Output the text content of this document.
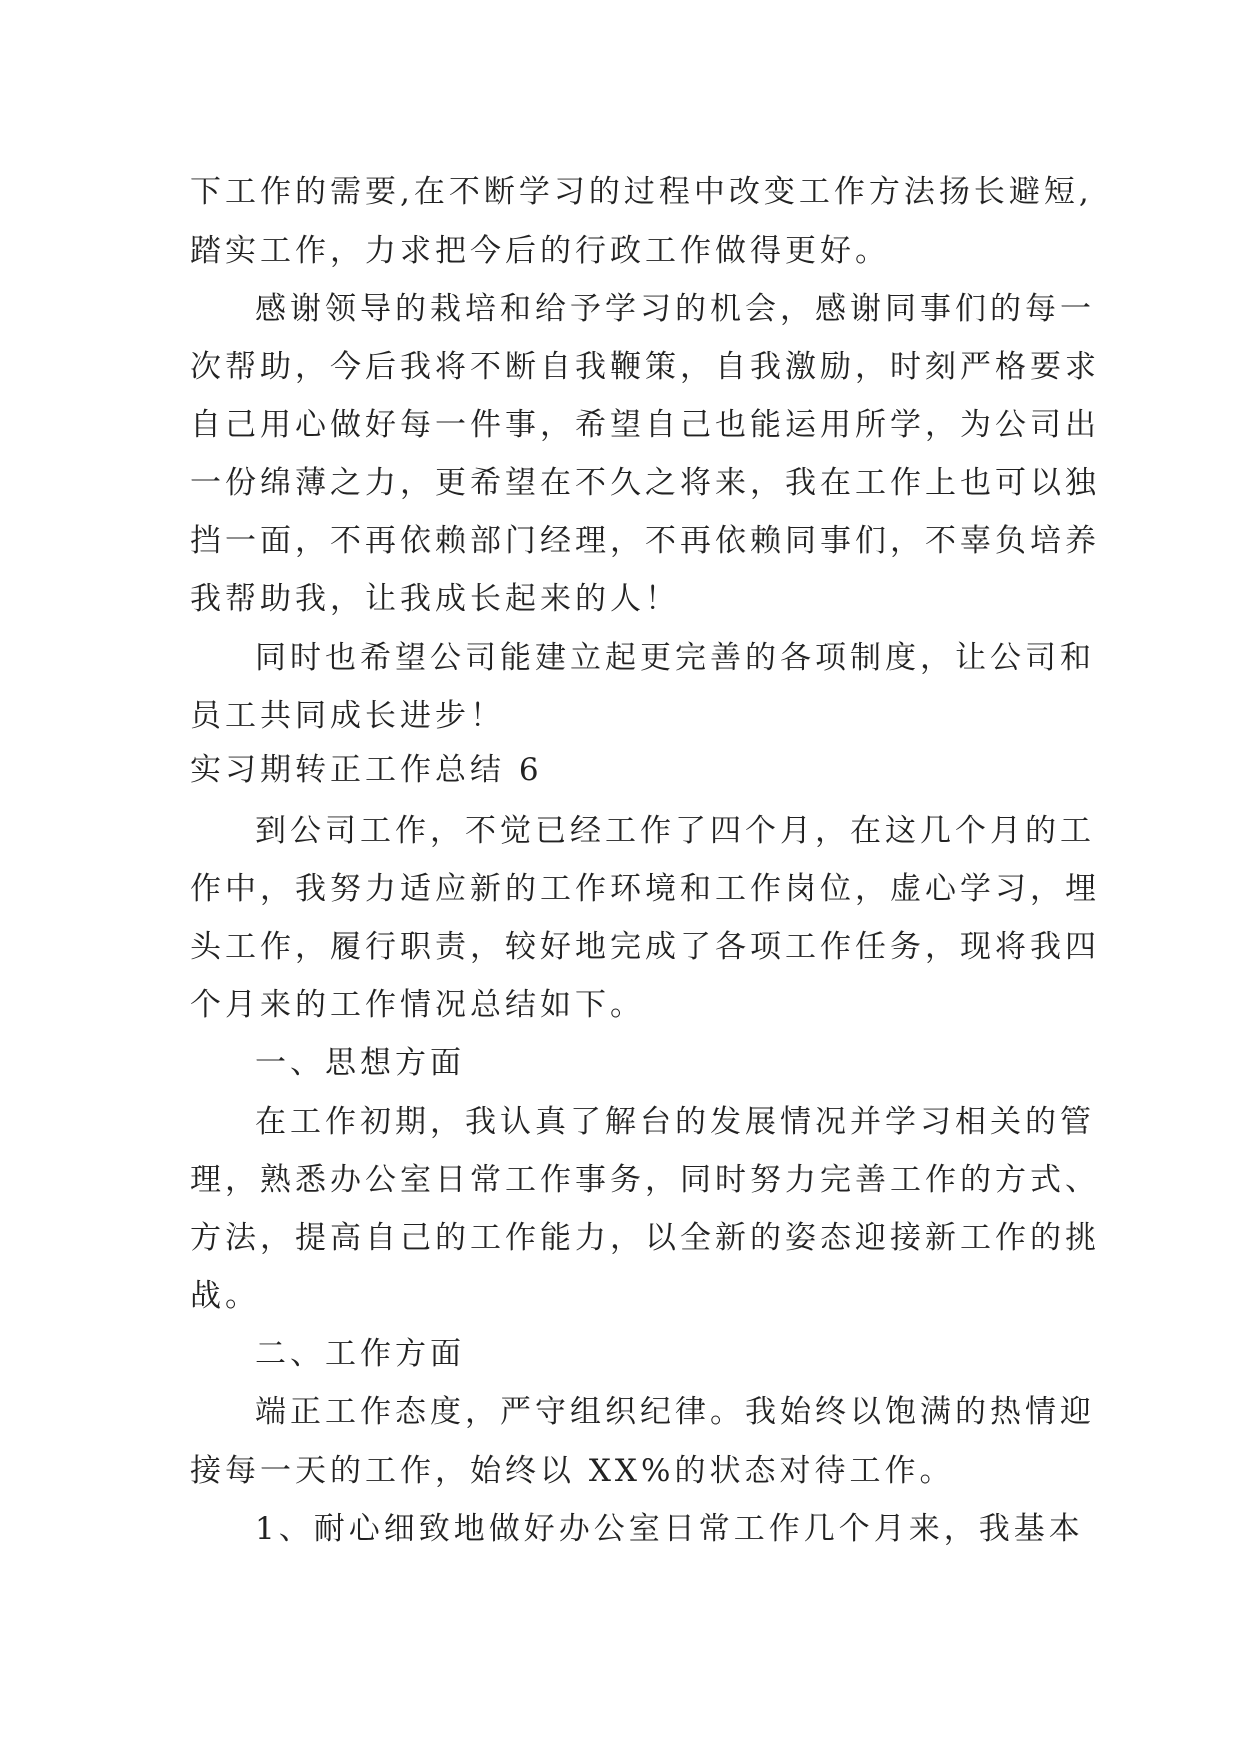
下工作的需要,在不断学习的过程中改变工作方法扬长避短,
踏实工作，力求把今后的行政工作做得更好。
感谢领导的栽培和给予学习的机会，感谢同事们的每一
次帮助，今后我将不断自我鞭策，自我激励，时刻严格要求
自己用心做好每一件事，希望自己也能运用所学，为公司出
一份绵薄之力，更希望在不久之将来，我在工作上也可以独
挡一面，不再依赖部门经理，不再依赖同事们，不辜负培养
我帮助我，让我成长起来的人！
同时也希望公司能建立起更完善的各项制度，让公司和
员工共同成长进步！
实习期转正工作总结 6
到公司工作，不觉已经工作了四个月，在这几个月的工
作中，我努力适应新的工作环境和工作岗位，虚心学习，埋
头工作，履行职责，较好地完成了各项工作任务，现将我四
个月来的工作情况总结如下。
一、思想方面
在工作初期，我认真了解台的发展情况并学习相关的管
理，熟悉办公室日常工作事务，同时努力完善工作的方式、
方法，提高自己的工作能力，以全新的姿态迎接新工作的挑
战。
二、工作方面
端正工作态度，严守组织纪律。我始终以饱满的热情迎
接每一天的工作，始终以 XX%的状态对待工作。
1、耐心细致地做好办公室日常工作几个月来，我基本
